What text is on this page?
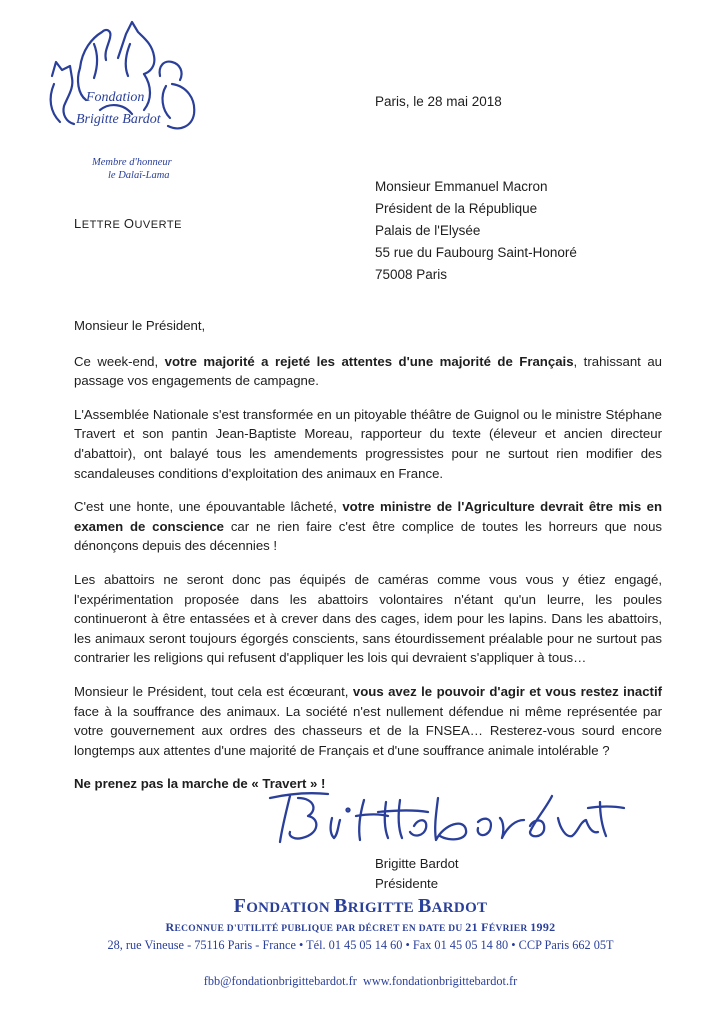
Fondation
Brigitte Bardot
Membre d'honneur
le Dalaï-Lama
LETTRE OUVERTE
Paris, le 28 mai 2018
Monsieur Emmanuel Macron
Président de la République
Palais de l'Elysée
55 rue du Faubourg Saint-Honoré
75008 Paris

Monsieur le Président,

Ce week-end, votre majorité a rejeté les attentes d'une majorité de Français, trahissant au passage vos engagements de campagne.

L'Assemblée Nationale s'est transformée en un pitoyable théâtre de Guignol ou le ministre Stéphane Travert et son pantin Jean-Baptiste Moreau, rapporteur du texte (éleveur et ancien directeur d'abattoir), ont balayé tous les amendements progressistes pour ne surtout rien modifier des scandaleuses conditions d'exploitation des animaux en France.

C'est une honte, une épouvantable lâcheté, votre ministre de l'Agriculture devrait être mis en examen de conscience car ne rien faire c'est être complice de toutes les horreurs que nous dénonçons depuis des décennies !

Les abattoirs ne seront donc pas équipés de caméras comme vous vous y étiez engagé, l'expérimentation proposée dans les abattoirs volontaires n'étant qu'un leurre, les poules continueront à être entassées et à crever dans des cages, idem pour les lapins. Dans les abattoirs, les animaux seront toujours égorgés conscients, sans étourdissement préalable pour ne surtout pas contrarier les religions qui refusent d'appliquer les lois qui devraient s'appliquer à tous…

Monsieur le Président, tout cela est écœurant, vous avez le pouvoir d'agir et vous restez inactif face à la souffrance des animaux. La société n'est nullement défendue ni même représentée par votre gouvernement aux ordres des chasseurs et de la FNSEA… Resterez-vous sourd encore longtemps aux attentes d'une majorité de Français et d'une souffrance animale intolérable ?

Ne prenez pas la marche de « Travert » !

Brigitte Bardot
Présidente
FONDATION BRIGITTE BARDOT
RECONNUE D'UTILITÉ PUBLIQUE PAR DÉCRET EN DATE DU 21 FÉVRIER 1992
28, rue Vineuse - 75116 Paris - France • Tél. 01 45 05 14 60 • Fax 01 45 05 14 80 • CCP Paris 662 05T
fbb@fondationbrigittebardot.fr www.fondationbrigittebardot.fr
